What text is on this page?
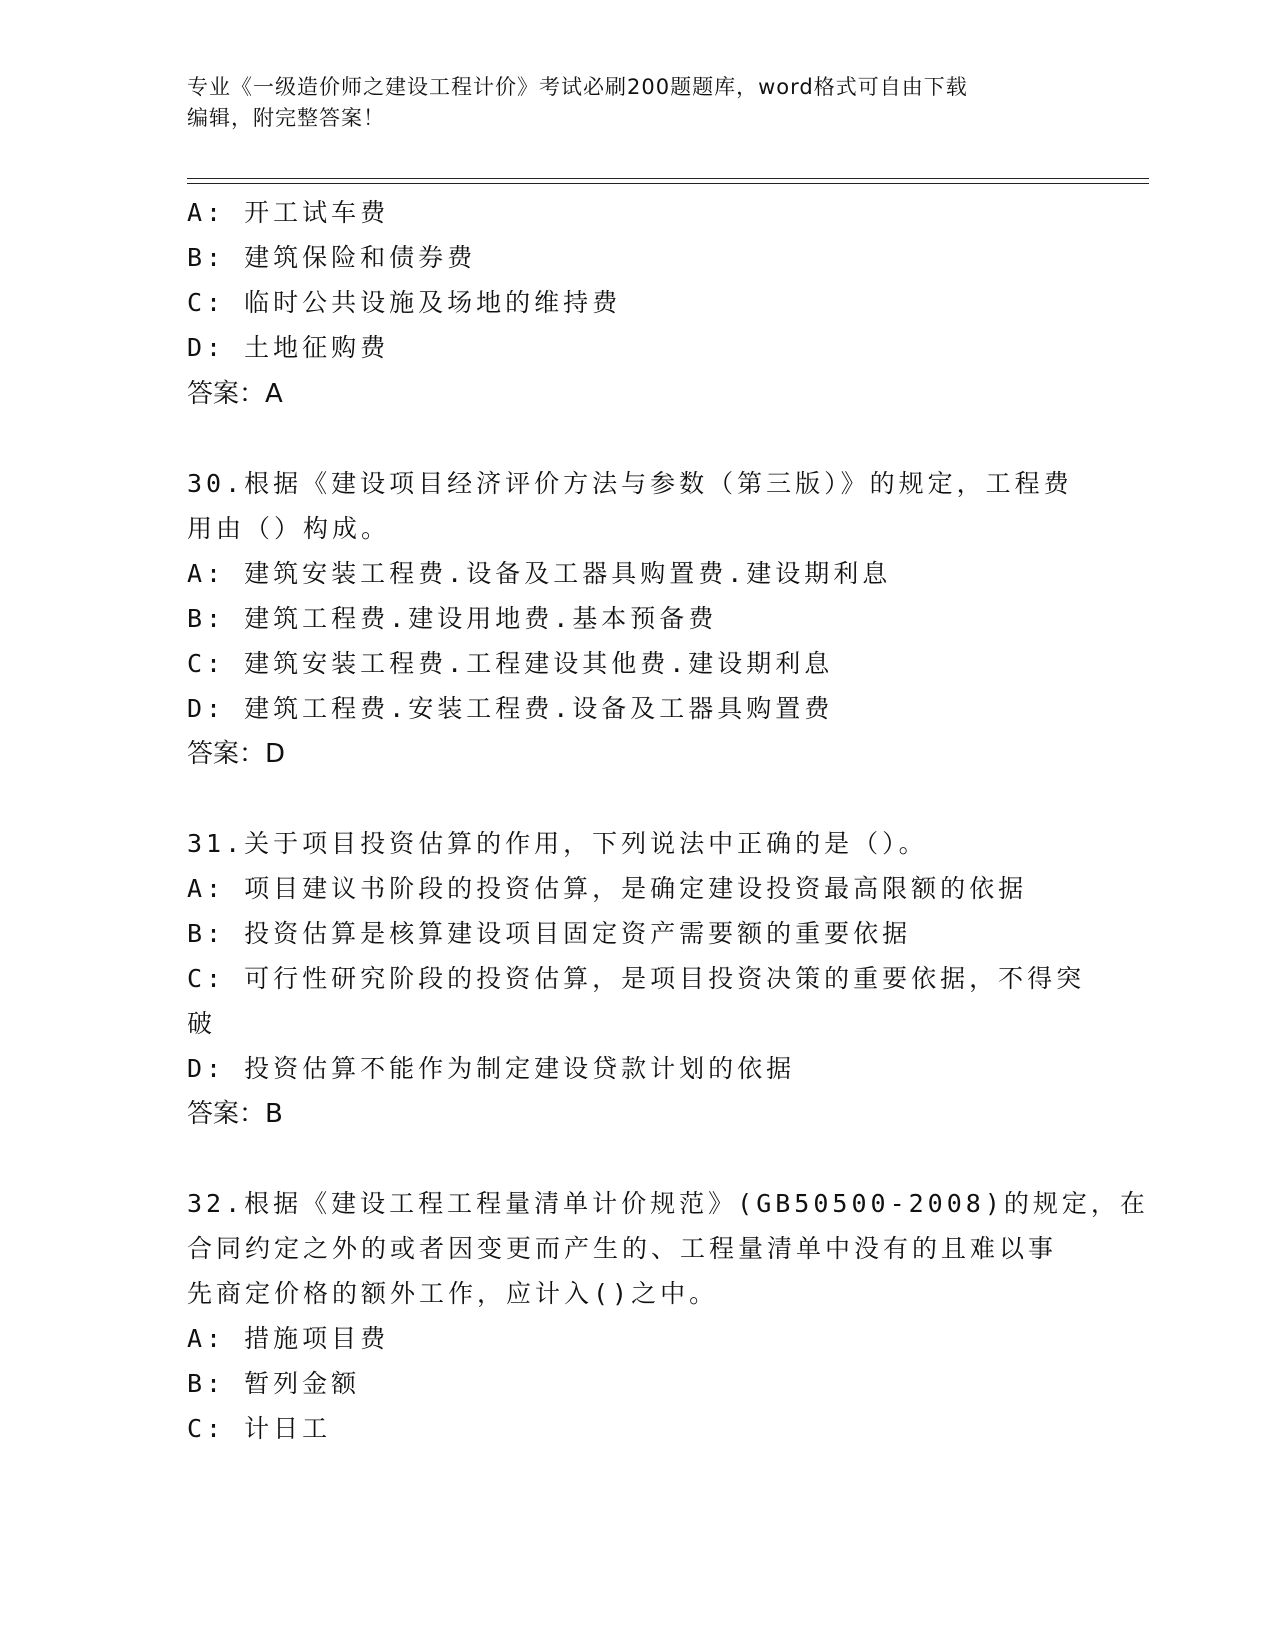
专业《一级造价师之建设工程计价》考试必刷200题题库，word格式可自由下载
编辑，附完整答案！
A: 开工试车费
B: 建筑保险和债券费
C: 临时公共设施及场地的维持费
D: 土地征购费
答案：A
30.根据《建设项目经济评价方法与参数（第三版）》的规定，工程费
用由（）构成。
A: 建筑安装工程费.设备及工器具购置费.建设期利息
B: 建筑工程费.建设用地费.基本预备费
C: 建筑安装工程费.工程建设其他费.建设期利息
D: 建筑工程费.安装工程费.设备及工器具购置费
答案：D
31.关于项目投资估算的作用，下列说法中正确的是（）。
A: 项目建议书阶段的投资估算，是确定建设投资最高限额的依据
B: 投资估算是核算建设项目固定资产需要额的重要依据
C: 可行性研究阶段的投资估算，是项目投资决策的重要依据，不得突
破
D: 投资估算不能作为制定建设贷款计划的依据
答案：B
32.根据《建设工程工程量清单计价规范》(GB50500-2008)的规定，在
合同约定之外的或者因变更而产生的、工程量清单中没有的且难以事
先商定价格的额外工作，应计入()之中。
A: 措施项目费
B: 暂列金额
C: 计日工
